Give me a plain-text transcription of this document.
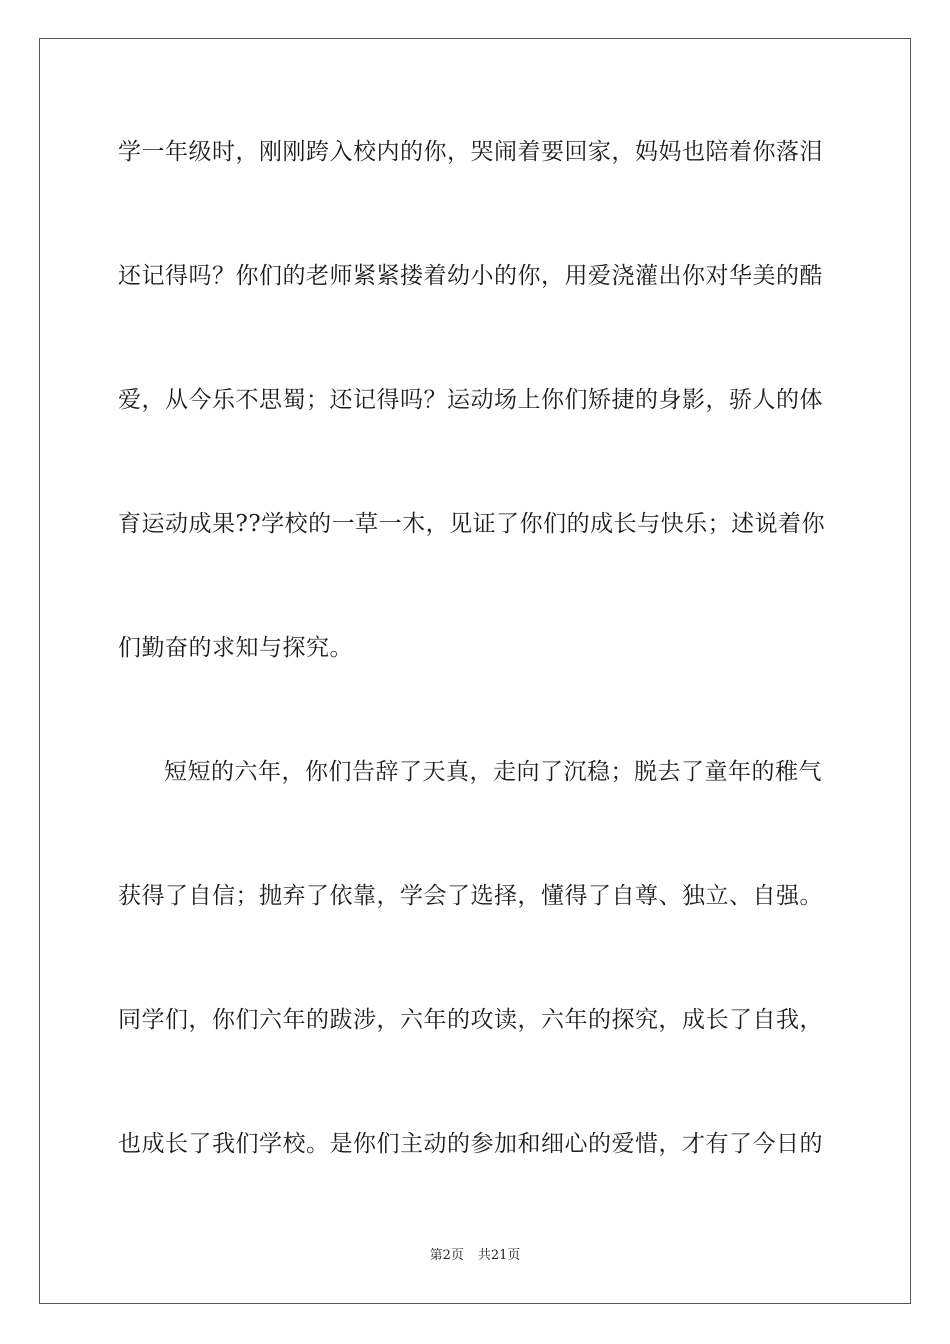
学一年级时，刚刚跨入校内的你，哭闹着要回家，妈妈也陪着你落泪
还记得吗？你们的老师紧紧搂着幼小的你，用爱浇灌出你对华美的酷
爱，从今乐不思蜀；还记得吗？运动场上你们矫捷的身影，骄人的体
育运动成果??学校的一草一木，见证了你们的成长与快乐；述说着你
们勤奋的求知与探究。
短短的六年，你们告辞了天真，走向了沉稳；脱去了童年的稚气
获得了自信；抛弃了依靠，学会了选择，懂得了自尊、独立、自强。
同学们，你们六年的跋涉，六年的攻读，六年的探究，成长了自我，
也成长了我们学校。是你们主动的参加和细心的爱惜，才有了今日的
第2页 共21页
